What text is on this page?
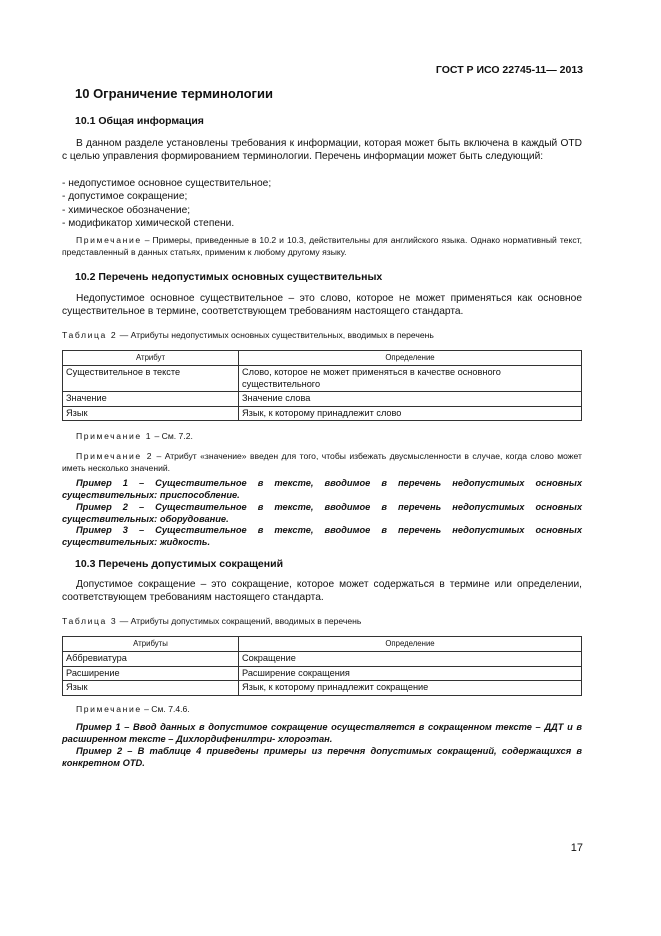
ГОСТ Р ИСО 22745-11— 2013
10 Ограничение терминологии
10.1 Общая информация

В данном разделе установлены требования к информации, которая может быть включена в каждый OTD с целью управления формированием терминологии. Перечень информации может быть следующий:

- недопустимое основное существительное;
- допустимое сокращение;
- химическое обозначение;
- модификатор химической степени.

Примечание – Примеры, приведенные в 10.2 и 10.3, действительны для английского языка. Однако нормативный текст, представленный в данных статьях, применим к любому другому языку.

10.2 Перечень недопустимых основных существительных

Недопустимое основное существительное – это слово, которое не может применяться как основное существительное в термине, соответствующем требованиям настоящего стандарта.

Таблица 2 — Атрибуты недопустимых основных существительных, вводимых в перечень
Атрибут	Определение
Существительное в тексте	Слово, которое не может применяться в качестве основного существительного
Значение	Значение слова
Язык	Язык, к которому принадлежит слово

Примечание 1 – См. 7.2.

Примечание 2 – Атрибут «значение» введен для того, чтобы избежать двусмысленности в случае, когда слово может иметь несколько значений.

Пример 1 – Существительное в тексте, вводимое в перечень недопустимых основных существительных: приспособление.

Пример 2 – Существительное в тексте, вводимое в перечень недопустимых основных существительных: оборудование.

Пример 3 – Существительное в тексте, вводимое в перечень недопустимых основных существительных: жидкость.

10.3 Перечень допустимых сокращений

Допустимое сокращение – это сокращение, которое может содержаться в термине или определении, соответствующем требованиям настоящего стандарта.

Таблица 3 — Атрибуты допустимых сокращений, вводимых в перечень
Атрибуты	Определение
Аббревиатура	Сокращение
Расширение	Расширение сокращения
Язык	Язык, к которому принадлежит сокращение

Примечание – См. 7.4.6.

Пример 1 – Ввод данных в допустимое сокращение осуществляется в сокращенном тексте – ДДТ и в расширенном тексте – Дихлордифенилтри- хлороэтан.

Пример 2 – В таблице 4 приведены примеры из перечня допустимых сокращений, содержащихся в конкретном OTD.

17
